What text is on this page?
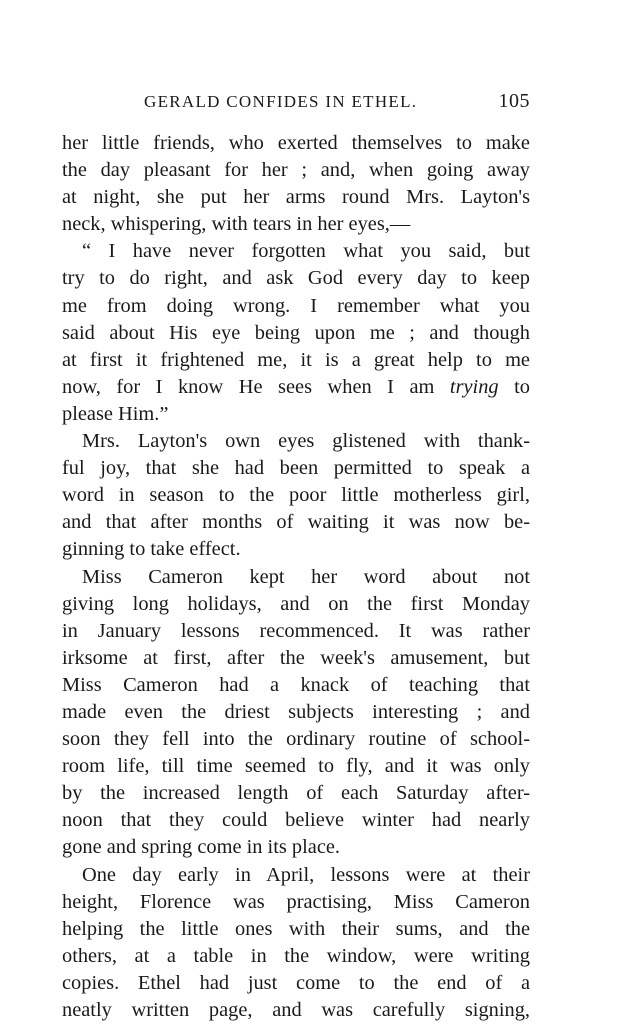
GERALD CONFIDES IN ETHEL.	105
her little friends, who exerted themselves to make
the day pleasant for her ; and, when going away
at night, she put her arms round Mrs. Layton's
neck, whispering, with tears in her eyes,—
“ I have never forgotten what you said, but
try to do right, and ask God every day to keep
me from doing wrong. I remember what you
said about His eye being upon me ; and though
at first it frightened me, it is a great help to me
now, for I know He sees when I am trying to
please Him.”
Mrs. Layton's own eyes glistened with thank-
ful joy, that she had been permitted to speak a
word in season to the poor little motherless girl,
and that after months of waiting it was now be-
ginning to take effect.
Miss Cameron kept her word about not
giving long holidays, and on the first Monday
in January lessons recommenced. It was rather
irksome at first, after the week's amusement, but
Miss Cameron had a knack of teaching that
made even the driest subjects interesting ; and
soon they fell into the ordinary routine of school-
room life, till time seemed to fly, and it was only
by the increased length of each Saturday after-
noon that they could believe winter had nearly
gone and spring come in its place.
One day early in April, lessons were at their
height, Florence was practising, Miss Cameron
helping the little ones with their sums, and the
others, at a table in the window, were writing
copies. Ethel had just come to the end of a
neatly written page, and was carefully signing,
